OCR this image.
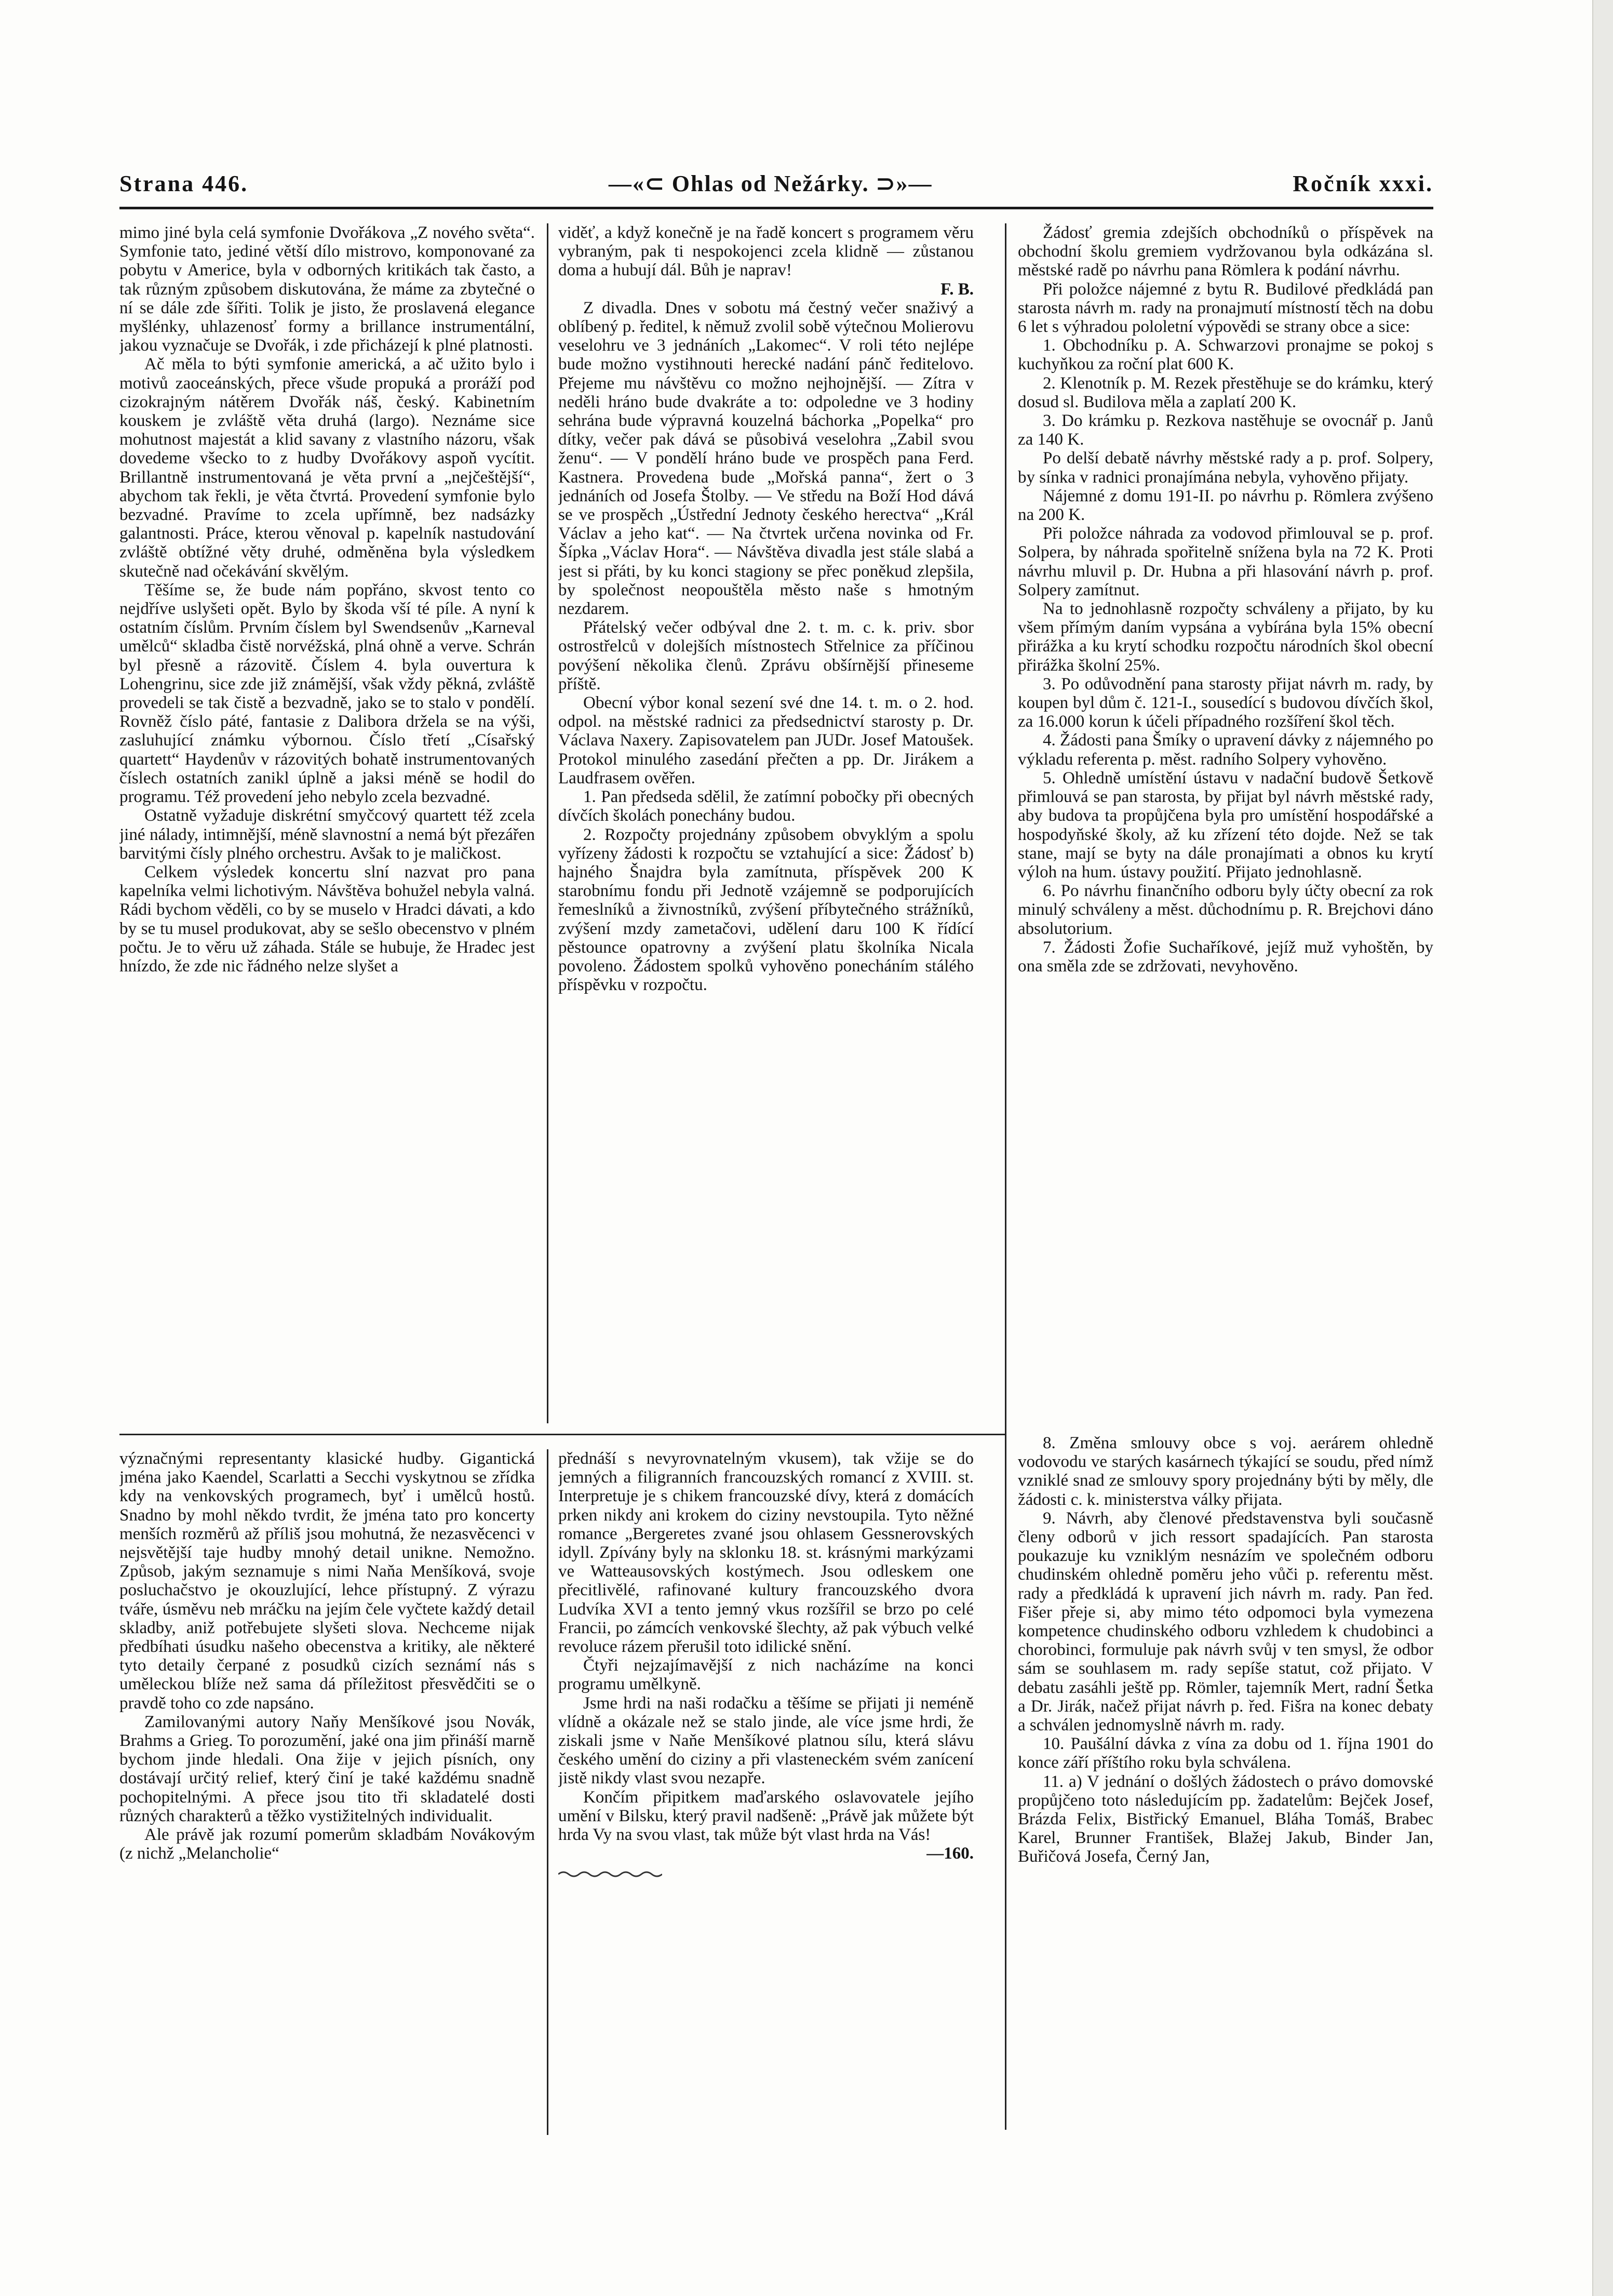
Strana 446.	—«⊂ Ohlas od Nežárky. ⊃»—	Ročník xxxi.

mimo jiné byla celá symfonie Dvořákova „Z nového světa“. Symfonie tato, jediné větší dílo mistrovo, komponované za pobytu v Americe, byla v odborných kritikách tak často, a tak různým způsobem diskutována, že máme za zbytečné o ní se dále zde šířiti. Tolik je jisto, že proslavená elegance myšlénky, uhlazenosť formy a brillance instrumentální, jakou vyznačuje se Dvořák, i zde přicházejí k plné platnosti.

Ač měla to býti symfonie americká, a ač užito bylo i motivů zaoceánských, přece všude propuká a proráží pod cizokrajným nátěrem Dvořák náš, český. Kabinetním kouskem je zvláště věta druhá (largo). Neznáme sice mohutnost majestát a klid savany z vlastního názoru, však dovedeme všecko to z hudby Dvořákovy aspoň vycítit. Brillantně instrumentovaná je věta první a „nejčeštější“, abychom tak řekli, je věta čtvrtá. Provedení symfonie bylo bezvadné. Pravíme to zcela upřímně, bez nadsázky galantnosti. Práce, kterou věnoval p. kapelník nastudování zvláště obtížné věty druhé, odměněna byla výsledkem skutečně nad očekávání skvělým.

Těšíme se, že bude nám popřáno, skvost tento co nejdříve uslyšeti opět. Bylo by škoda vší té píle. A nyní k ostatním číslům. Prvním číslem byl Swendsenův „Karneval umělců“ skladba čistě norvéžská, plná ohně a verve. Schrán byl přesně a rázovitě. Číslem 4. byla ouvertura k Lohengrinu, sice zde již známější, však vždy pěkná, zvláště provedeli se tak čistě a bezvadně, jako se to stalo v pondělí. Rovněž číslo páté, fantasie z Dalibora držela se na výši, zasluhující známku výbornou. Číslo třetí „Císařský quartett“ Haydenův v rázovitých bohatě instrumentovaných číslech ostatních zanikl úplně a jaksi méně se hodil do programu. Též provedení jeho nebylo zcela bezvadné.

Ostatně vyžaduje diskrétní smyčcový quartett též zcela jiné nálady, intimnější, méně slavnostní a nemá být přezářen barvitými čísly plného orchestru. Avšak to je maličkost.

Celkem výsledek koncertu slní nazvat pro pana kapelníka velmi lichotivým. Návštěva bohužel nebyla valná. Rádi bychom věděli, co by se muselo v Hradci dávati, a kdo by se tu musel produkovat, aby se sešlo obecenstvo v plném počtu. Je to věru už záhada. Stále se hubuje, že Hradec jest hnízdo, že zde nic řádného nelze slyšet a

viděť, a když konečně je na řadě koncert s programem věru vybraným, pak ti nespokojenci zcela klidně — zůstanou doma a hubují dál. Bůh je naprav!

F. B.

Z divadla. Dnes v sobotu má čestný večer snaživý a oblíbený p. ředitel, k němuž zvolil sobě výtečnou Molierovu veselohru ve 3 jednáních „Lakomec“. V roli této nejlépe bude možno vystihnouti herecké nadání pánč ředitelovo. Přejeme mu návštěvu co možno nejhojnější. — Zítra v neděli hráno bude dvakráte a to: odpoledne ve 3 hodiny sehrána bude výpravná kouzelná báchorka „Popelka“ pro dítky, večer pak dává se působivá veselohra „Zabil svou ženu“. — V pondělí hráno bude ve prospěch pana Ferd. Kastnera. Provedena bude „Mořská panna“, žert o 3 jednáních od Josefa Štolby. — Ve středu na Boží Hod dává se ve prospěch „Ústřední Jednoty českého herectva“ „Král Václav a jeho kat“. — Na čtvrtek určena novinka od Fr. Šípka „Václav Hora“. — Návštěva divadla jest stále slabá a jest si přáti, by ku konci stagiony se přec poněkud zlepšila, by společnost neopouštěla město naše s hmotným nezdarem.

Přátelský večer odbýval dne 2. t. m. c. k. priv. sbor ostrostřelců v dolejších místnostech Střelnice za příčinou povýšení několika členů. Zprávu obšírnější přineseme příště.

Obecní výbor konal sezení své dne 14. t. m. o 2. hod. odpol. na městské radnici za předsednictví starosty p. Dr. Václava Naxery. Zapisovatelem pan JUDr. Josef Matoušek. Protokol minulého zasedání přečten a pp. Dr. Jirákem a Laudfrasem ověřen.

1. Pan předseda sdělil, že zatímní pobočky při obecných dívčích školách ponechány budou.

2. Rozpočty projednány způsobem obvyklým a spolu vyřízeny žádosti k rozpočtu se vztahující a sice: Žádosť b) hajného Šnajdra byla zamítnuta, příspěvek 200 K starobnímu fondu při Jednotě vzájemně se podporujících řemeslníků a živnostníků, zvýšení příbytečného strážníků, zvýšení mzdy zametačovi, udělení daru 100 K řídící pěstounce opatrovny a zvýšení platu školníka Nicala povoleno. Žádostem spolků vyhověno ponecháním stálého příspěvku v rozpočtu.

Žádosť gremia zdejších obchodníků o příspěvek na obchodní školu gremiem vydržovanou byla odkázána sl. městské radě po návrhu pana Römlera k podání návrhu.

Při položce nájemné z bytu R. Budilové předkládá pan starosta návrh m. rady na pronajmutí místností těch na dobu 6 let s výhradou pololetní výpovědi se strany obce a sice:

1. Obchodníku p. A. Schwarzovi pronajme se pokoj s kuchyňkou za roční plat 600 K.

2. Klenotník p. M. Rezek přestěhuje se do krámku, který dosud sl. Budilova měla a zaplatí 200 K.

3. Do krámku p. Rezkova nastěhuje se ovocnář p. Janů za 140 K.

Po delší debatě návrhy městské rady a p. prof. Solpery, by sínka v radnici pronajímána nebyla, vyhověno přijaty.

Nájemné z domu 191-II. po návrhu p. Römlera zvýšeno na 200 K.

Při položce náhrada za vodovod přimlouval se p. prof. Solpera, by náhrada spořitelně snížena byla na 72 K. Proti návrhu mluvil p. Dr. Hubna a při hlasování návrh p. prof. Solpery zamítnut.

Na to jednohlasně rozpočty schváleny a přijato, by ku všem přímým daním vypsána a vybírána byla 15% obecní přirážka a ku krytí schodku rozpočtu národních škol obecní přirážka školní 25%.

3. Po odůvodnění pana starosty přijat návrh m. rady, by koupen byl dům č. 121-I., sousedící s budovou dívčích škol, za 16.000 korun k účeli případného rozšíření škol těch.

4. Žádosti pana Šmíky o upravení dávky z nájemného po výkladu referenta p. měst. radního Solpery vyhověno.

5. Ohledně umístění ústavu v nadační budově Šetkově přimlouvá se pan starosta, by přijat byl návrh městské rady, aby budova ta propůjčena byla pro umístění hospodářské a hospodyňské školy, až ku zřízení této dojde. Než se tak stane, mají se byty na dále pronajímati a obnos ku krytí výloh na hum. ústavy použití. Přijato jednohlasně.

6. Po návrhu finančního odboru byly účty obecní za rok minulý schváleny a měst. důchodnímu p. R. Brejchovi dáno absolutorium.

7. Žádosti Žofie Suchaříkové, jejíž muž vyhoštěn, by ona směla zde se zdržovati, nevyhověno.

význačnými representanty klasické hudby. Gigantická jména jako Kaendel, Scarlatti a Secchi vyskytnou se zřídka kdy na venkovských programech, byť i umělců hostů. Snadno by mohl někdo tvrdit, že jména tato pro koncerty menších rozměrů až příliš jsou mohutná, že nezasvěcenci v nejsvětější taje hudby mnohý detail unikne. Nemožno. Způsob, jakým seznamuje s nimi Naňa Menšíková, svoje posluchačstvo je okouzlující, lehce přístupný. Z výrazu tváře, úsměvu neb mráčku na jejím čele vyčtete každý detail skladby, aniž potřebujete slyšeti slova. Nechceme nijak předbíhati úsudku našeho obecenstva a kritiky, ale některé tyto detaily čerpané z posudků cizích seznámí nás s uměleckou blíže než sama dá příležitost přesvědčiti se o pravdě toho co zde napsáno.

Zamilovanými autory Naňy Menšíkové jsou Novák, Brahms a Grieg. To porozumění, jaké ona jim přináší marně bychom jinde hledali. Ona žije v jejich písních, ony dostávají určitý relief, který činí je také každému snadně pochopitelnými. A přece jsou tito tři skladatelé dosti různých charakterů a těžko vystižitelných individualit.

Ale právě jak rozumí pomerům skladbám Novákovým (z nichž „Melancholie“

přednáší s nevyrovnatelným vkusem), tak vžije se do jemných a filigranních francouzských romancí z XVIII. st. Interpretuje je s chikem francouzské dívy, která z domácích prken nikdy ani krokem do ciziny nevstoupila. Tyto něžné romance „Bergeretes zvané jsou ohlasem Gessnerovských idyll. Zpívány byly na sklonku 18. st. krásnými markýzami ve Watteausovských kostýmech. Jsou odleskem one přecitlivělé, rafinované kultury francouzského dvora Ludvíka XVI a tento jemný vkus rozšířil se brzo po celé Francii, po zámcích venkovské šlechty, až pak výbuch velké revoluce rázem přerušil toto idilické snění.

Čtyři nejzajímavější z nich nacházíme na konci programu umělkyně.

Jsme hrdi na naši rodačku a těšíme se přijati ji neméně vlídně a okázale než se stalo jinde, ale více jsme hrdi, že ziskali jsme v Naňe Menšíkové platnou sílu, která slávu českého umění do ciziny a při vlasteneckém svém zanícení jistě nikdy vlast svou nezapře.

Končím připitkem maďarského oslavovatele jejího umění v Bilsku, který pravil nadšeně: „Právě jak můžete být hrda Vy na svou vlast, tak může být vlast hrda na Vás!

—160.

8. Změna smlouvy obce s voj. aerárem ohledně vodovodu ve starých kasárnech týkající se soudu, před nímž vzniklé snad ze smlouvy spory projednány býti by měly, dle žádosti c. k. ministerstva války přijata.

9. Návrh, aby členové představenstva byli současně členy odborů v jich ressort spadajících. Pan starosta poukazuje ku vzniklým nesnázím ve společném odboru chudinském ohledně poměru jeho vůči p. referentu měst. rady a předkládá k upravení jich návrh m. rady. Pan řed. Fišer přeje si, aby mimo této odpomoci byla vymezena kompetence chudinského odboru vzhledem k chudobinci a chorobinci, formuluje pak návrh svůj v ten smysl, že odbor sám se souhlasem m. rady sepíše statut, což přijato. V debatu zasáhli ještě pp. Römler, tajemník Mert, radní Šetka a Dr. Jirák, načež přijat návrh p. řed. Fišra na konec debaty a schválen jednomyslně návrh m. rady.

10. Paušální dávka z vína za dobu od 1. října 1901 do konce září příštího roku byla schválena.

11. a) V jednání o došlých žádostech o právo domovské propůjčeno toto následujícím pp. žadatelům: Bejček Josef, Brázda Felix, Bistřický Emanuel, Bláha Tomáš, Brabec Karel, Brunner František, Blažej Jakub, Binder Jan, Buřičová Josefa, Černý Jan,
